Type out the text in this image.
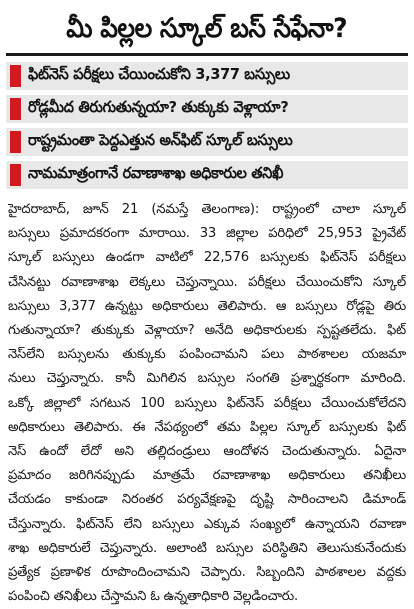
మీ పిల్లల స్కూల్ బస్ సేఫేనా?
ఫిట్‌నెస్ పరీక్షలు చేయించుకోని 3,377 బస్సులు
రోడ్లమీద తిరుగుతున్నయా? తుక్కుకు వెళ్లాయా?
రాష్ట్రమంతా పెద్దఎత్తున అన్‌ఫిట్ స్కూల్ బస్సులు
నామమాత్రంగానే రవాణాశాఖ అధికారుల తనిఖీ
హైదరాబాద్, జూన్ 21 (నమస్తే తెలంగాణ): రాష్ట్రంలో చాలా స్కూల్
బస్సులు ప్రమాదకరంగా మారాయి. 33 జిల్లాల పరిధిలో 25,953 ప్రైవేట్
స్కూల్ బస్సులు ఉండగా వాటిలో 22,576 బస్సులకు ఫిట్‌నెస్ పరీక్షలు
చేసినట్టు రవాణాశాఖ లెక్కలు చెప్తున్నాయి. పరీక్షలు చేయించుకోని స్కూల్
బస్సులు 3,377 ఉన్నట్టు అధికారులు తెలిపారు. ఆ బస్సులు రోడ్లపై తిరు
గుతున్నాయా? తుక్కుకు వెళ్లాయా? అనేది అధికారులకు స్పష్టతలేదు. ఫిట్
నెస్‌లేని బస్సులను తుక్కుకు పంపించామని పలు పాఠశాలల యజమా
నులు చెప్తున్నారు. కానీ మిగిలిన బస్సుల సంగతి ప్రశ్నార్థకంగా మారింది.
ఒక్కో జిల్లాలో సగటున 100 బస్సులు ఫిట్‌నెస్ పరీక్షలు చేయించుకోలేదని
అధికారులు తెలిపారు. ఈ నేపథ్యంలో తమ పిల్లల స్కూల్ బస్సులకు ఫిట్
నెస్ ఉందో లేదో అని తల్లిదండ్రులు ఆందోళన చెందుతున్నారు. ఏదైనా
ప్రమాదం జరిగినప్పుడు మాత్రమే రవాణాశాఖ అధికారులు తనిఖీలు
చేయడం కాకుండా నిరంతర పర్యవేక్షణపై దృష్టి సారించాలని డిమాండ్
చేస్తున్నారు. ఫిట్‌నెస్ లేని బస్సులు ఎక్కువ సంఖ్యలో ఉన్నాయని రవాణా
శాఖ అధికారులే చెప్తున్నారు. అలాంటి బస్సుల పరిస్థితిని తెలుసుకునేందుకు
ప్రత్యేక ప్రణాళిక రూపొందించామని చెప్పారు. సిబ్బందిని పాఠశాలల వద్దకు
పంపించి తనిఖీలు చేస్తామని ఓ ఉన్నతాధికారి వెల్లడించారు.
